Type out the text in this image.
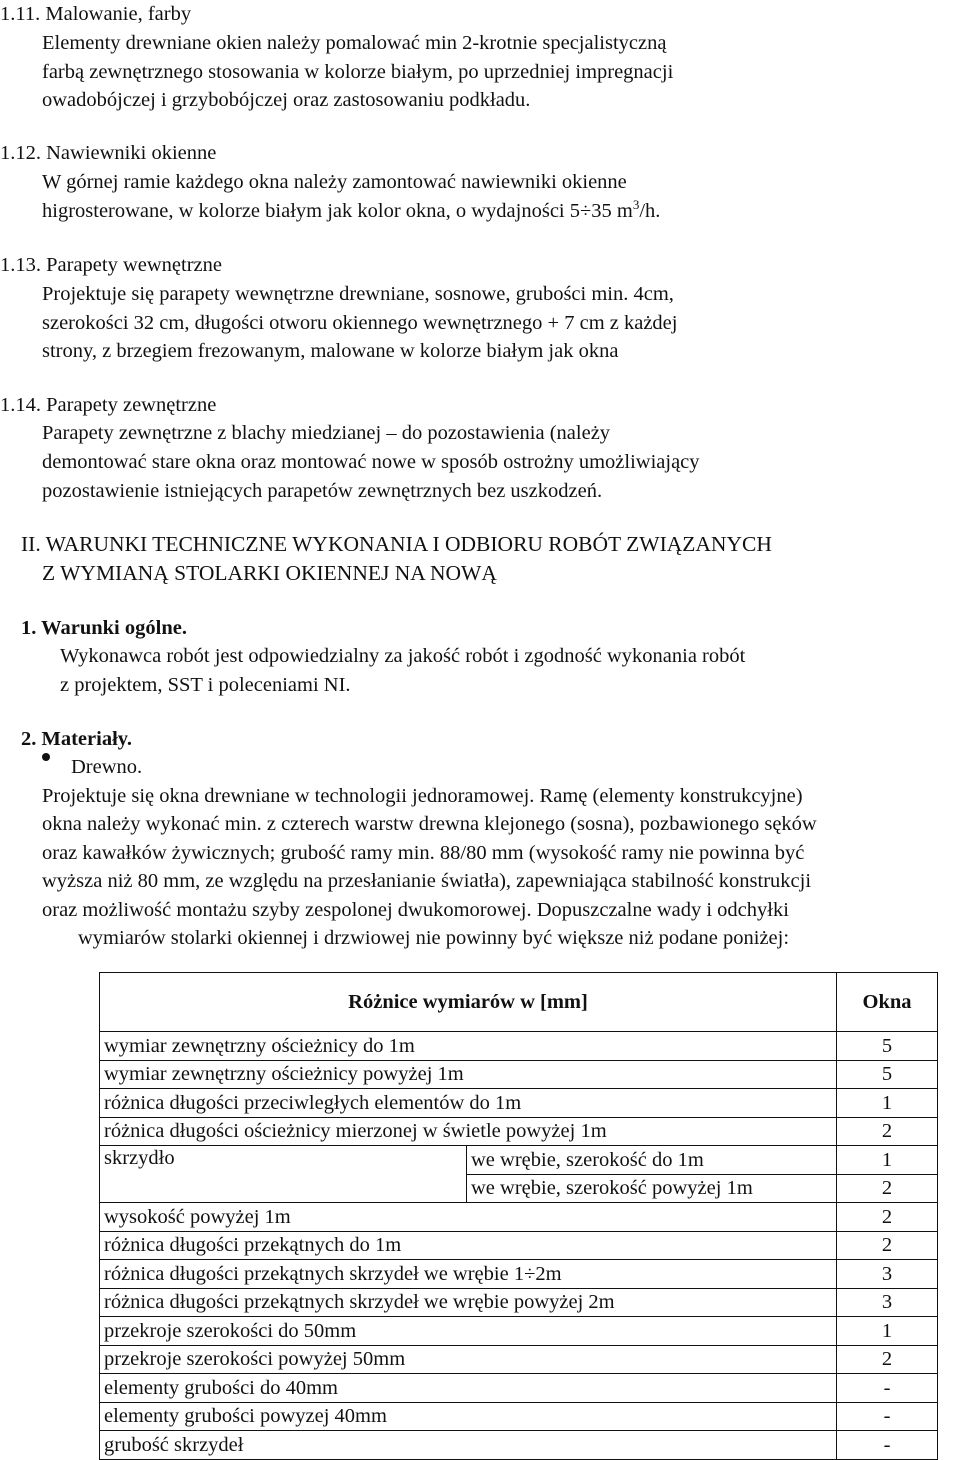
1.11. Malowanie, farby
Elementy drewniane okien należy pomalować min 2-krotnie specjalistyczną
farbą zewnętrznego stosowania w kolorze białym, po uprzedniej impregnacji
owadobójczej i grzybobójczej oraz zastosowaniu podkładu.
1.12. Nawiewniki okienne
W górnej ramie każdego okna należy zamontować nawiewniki okienne
higrosterowane, w kolorze białym jak kolor okna, o wydajności 5÷35 $m^3/h$.
1.13. Parapety wewnętrzne
Projektuje się parapety wewnętrzne drewniane, sosnowe, grubości min. 4cm,
szerokości 32 cm, długości otworu okiennego wewnętrznego + 7 cm z każdej
strony, z brzegiem frezowanym, malowane w kolorze białym jak okna
1.14. Parapety zewnętrzne
Parapety zewnętrzne z blachy miedzianej – do pozostawienia (należy
demontować stare okna oraz montować nowe w sposób ostrożny umożliwiający
pozostawienie istniejących parapetów zewnętrznych bez uszkodzeń.
II. WARUNKI TECHNICZNE WYKONANIA I ODBIORU ROBÓT ZWIĄZANYCH
Z WYMIANĄ STOLARKI OKIENNEJ NA NOWĄ
1. Warunki ogólne.
Wykonawca robót jest odpowiedzialny za jakość robót i zgodność wykonania robót
z projektem, SST i poleceniami NI.
2. Materiały.
Drewno.
Projektuje się okna drewniane w technologii jednoramowej. Ramę (elementy konstrukcyjne)
okna należy wykonać min. z czterech warstw drewna klejonego (sosna), pozbawionego sęków
oraz kawałków żywicznych; grubość ramy min. 88/80 mm (wysokość ramy nie powinna być
wyższa niż 80 mm, ze względu na przesłanianie światła), zapewniająca stabilność konstrukcji
oraz możliwość montażu szyby zespolonej dwukomorowej. Dopuszczalne wady i odchyłki
wymiarów stolarki okiennej i drzwiowej nie powinny być większe niż podane poniżej:
Różnice wymiarów w [mm]		Okna
wymiar zewnętrzny ościeżnicy do 1m		5
wymiar zewnętrzny ościeżnicy powyżej 1m		5
różnica długości przeciwległych elementów do 1m		1
różnica długości ościeżnicy mierzonej w świetle powyżej 1m		2
skrzydło	we wrębie, szerokość do 1m	1
	we wrębie, szerokość powyżej 1m	2
wysokość powyżej 1m		2
różnica długości przekątnych do 1m		2
różnica długości przekątnych skrzydeł we wrębie 1÷2m		3
różnica długości przekątnych skrzydeł we wrębie powyżej 2m		3
przekroje szerokości do 50mm		1
przekroje szerokości powyżej 50mm		2
elementy grubości do 40mm		-
elementy grubości powyzej 40mm		-
grubość skrzydeł		-
